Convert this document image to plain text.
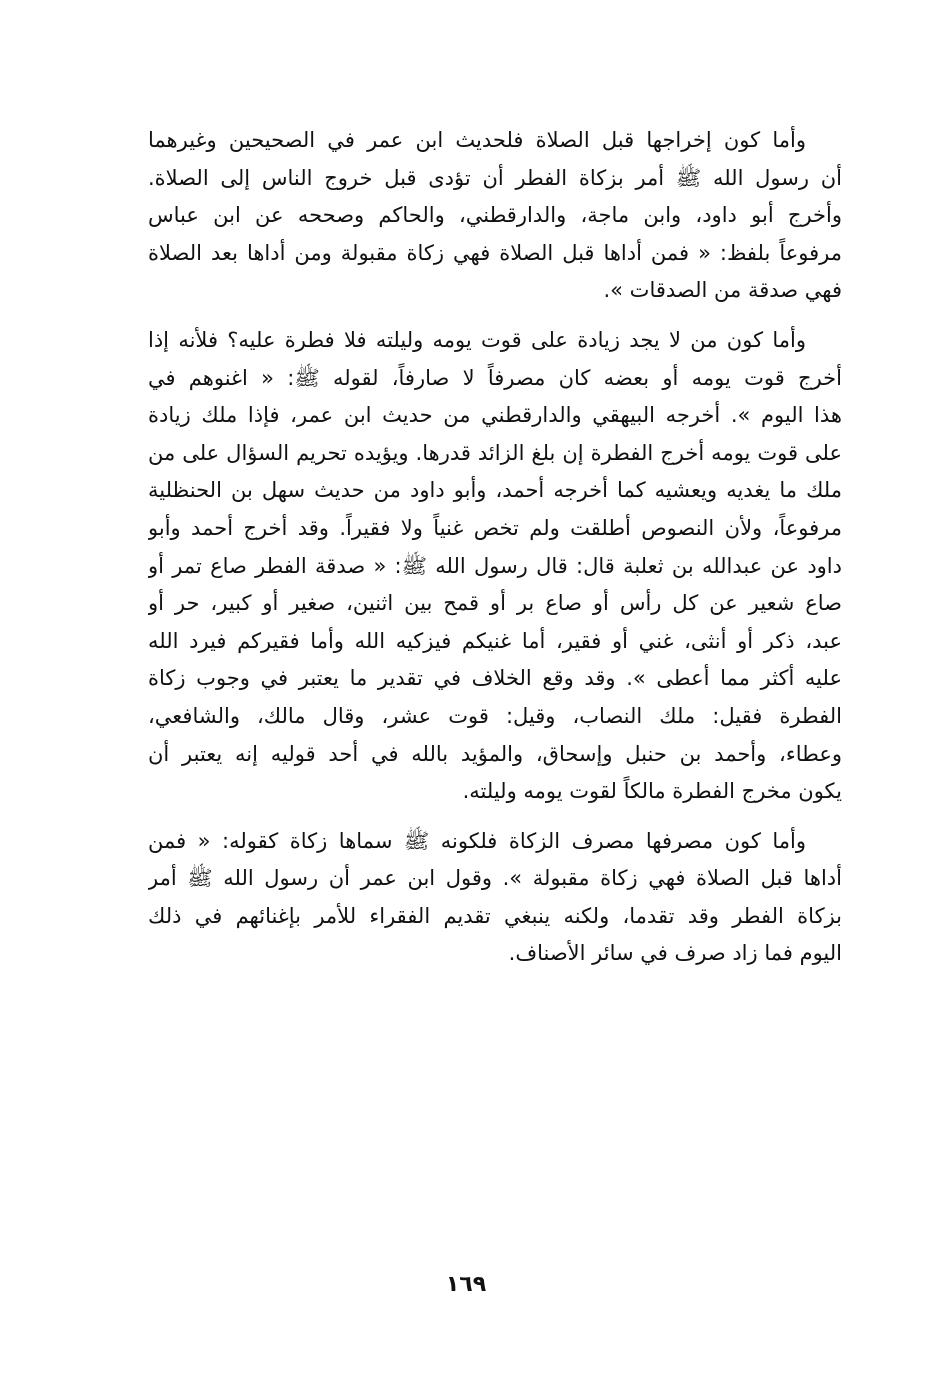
وأما كون إخراجها قبل الصلاة فلحديث ابن عمر في الصحيحين وغيرهما
أن رسول الله ﷺ أمر بزكاة الفطر أن تؤدى قبل خروج الناس إلى الصلاة.
وأخرج أبو داود، وابن ماجة، والدارقطني، والحاكم وصححه عن ابن عباس
مرفوعاً بلفظ: « فمن أداها قبل الصلاة فهي زكاة مقبولة ومن أداها بعد الصلاة
فهي صدقة من الصدقات ».
وأما كون من لا يجد زيادة على قوت يومه وليلته فلا فطرة عليه؟ فلأنه إذا
أخرج قوت يومه أو بعضه كان مصرفاً لا صارفاً، لقوله ﷺ: « اغنوهم في
هذا اليوم ». أخرجه البيهقي والدارقطني من حديث ابن عمر، فإذا ملك زيادة
على قوت يومه أخرج الفطرة إن بلغ الزائد قدرها. ويؤيده تحريم السؤال على من
ملك ما يغديه ويعشيه كما أخرجه أحمد، وأبو داود من حديث سهل بن الحنظلية
مرفوعاً، ولأن النصوص أطلقت ولم تخص غنياً ولا فقيراً. وقد أخرج أحمد وأبو
داود عن عبدالله بن ثعلبة قال: قال رسول الله ﷺ: « صدقة الفطر صاع تمر أو
صاع شعير عن كل رأس أو صاع بر أو قمح بين اثنين، صغير أو كبير، حر أو
عبد، ذكر أو أنثى، غني أو فقير، أما غنيكم فيزكيه الله وأما فقيركم فيرد الله
عليه أكثر مما أعطى ». وقد وقع الخلاف في تقدير ما يعتبر في وجوب زكاة
الفطرة فقيل: ملك النصاب، وقيل: قوت عشر، وقال مالك، والشافعي،
وعطاء، وأحمد بن حنبل وإسحاق، والمؤيد بالله في أحد قوليه إنه يعتبر أن
يكون مخرج الفطرة مالكاً لقوت يومه وليلته.
وأما كون مصرفها مصرف الزكاة فلكونه ﷺ سماها زكاة كقوله: « فمن
أداها قبل الصلاة فهي زكاة مقبولة ». وقول ابن عمر أن رسول الله ﷺ أمر
بزكاة الفطر وقد تقدما، ولكنه ينبغي تقديم الفقراء للأمر بإغنائهم في ذلك
اليوم فما زاد صرف في سائر الأصناف.
١٦٩
